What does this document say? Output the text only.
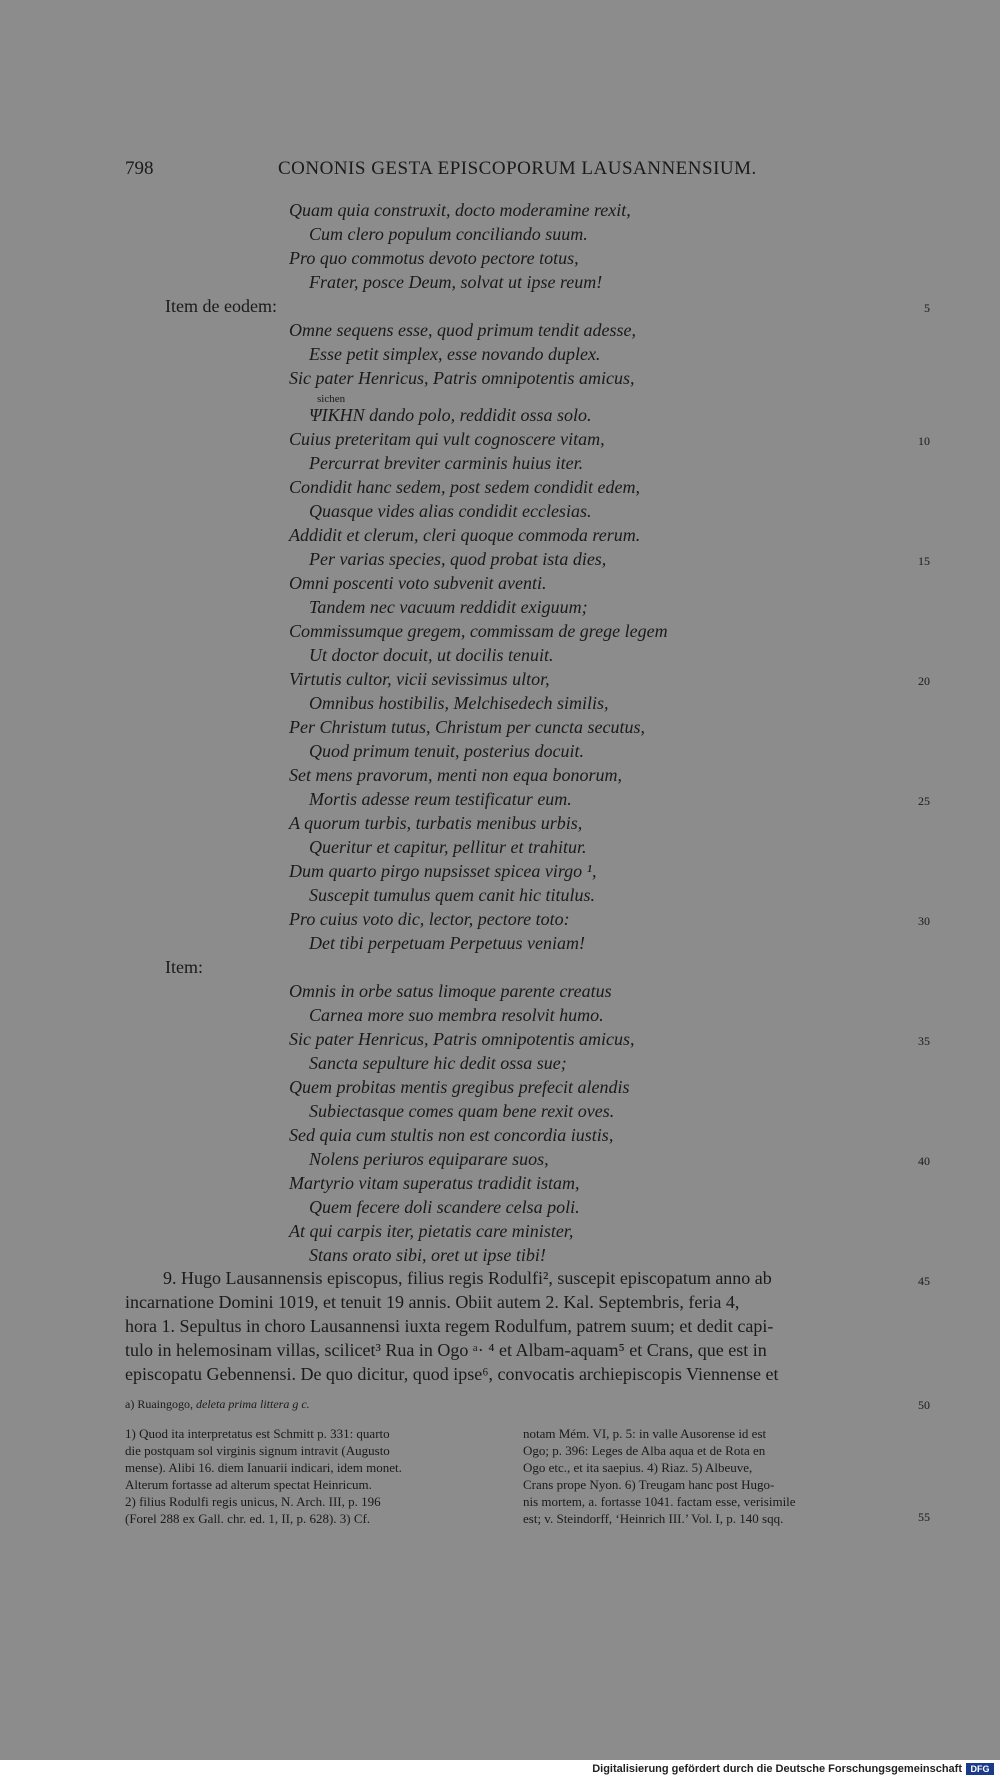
798	CONONIS GESTA EPISCOPORUM LAUSANNENSIUM.
Quam quia construxit, docto moderamine rexit,
Cum clero populum conciliando suum.
Pro quo commotus devoto pectore totus,
Frater, posce Deum, solvat ut ipse reum!
Item de eodem:
Omne sequens esse, quod primum tendit adesse,
Esse petit simplex, esse novando duplex.
Sic pater Henricus, Patris omnipotentis amicus,
sichen
ΨΙΚΗΝ dando polo, reddidit ossa solo.
Cuius preteritam qui vult cognoscere vitam,
Percurrat breviter carminis huius iter.
Condidit hanc sedem, post sedem condidit edem,
Quasque vides alias condidit ecclesias.
Addidit et clerum, cleri quoque commoda rerum.
Per varias species, quod probat ista dies,
Omni poscenti voto subvenit aventi.
Tandem nec vacuum reddidit exiguum;
Commissumque gregem, commissam de grege legem
Ut doctor docuit, ut docilis tenuit.
Virtutis cultor, vicii sevissimus ultor,
Omnibus hostibilis, Melchisedech similis,
Per Christum tutus, Christum per cuncta secutus,
Quod primum tenuit, posterius docuit.
Set mens pravorum, menti non equa bonorum,
Mortis adesse reum testificatur eum.
A quorum turbis, turbatis menibus urbis,
Queritur et capitur, pellitur et trahitur.
Dum quarto pirgo nupsisset spicea virgo ¹,
Suscepit tumulus quem canit hic titulus.
Pro cuius voto dic, lector, pectore toto:
Det tibi perpetuam Perpetuus veniam!
Item:
Omnis in orbe satus limoque parente creatus
Carnea more suo membra resolvit humo.
Sic pater Henricus, Patris omnipotentis amicus,
Sancta sepulture hic dedit ossa sue;
Quem probitas mentis gregibus prefecit alendis
Subiectasque comes quam bene rexit oves.
Sed quia cum stultis non est concordia iustis,
Nolens periuros equiparare suos,
Martyrio vitam superatus tradidit istam,
Quem fecere doli scandere celsa poli.
At qui carpis iter, pietatis care minister,
Stans orato sibi, oret ut ipse tibi!
5
10
15
20
25
30
35
40
45
50
55
9. Hugo Lausannensis episcopus, filius regis Rodulfi², suscepit episcopatum anno ab
incarnatione Domini 1019, et tenuit 19 annis. Obiit autem 2. Kal. Septembris, feria 4,
hora 1. Sepultus in choro Lausannensi iuxta regem Rodulfum, patrem suum; et dedit capi-
tulo in helemosinam villas, scilicet³ Rua in Ogo ᵃ· ⁴ et Albam-aquam⁵ et Crans, que est in
episcopatu Gebennensi. De quo dicitur, quod ipse⁶, convocatis archiepiscopis Viennense et
a) Ruaingogo, deleta prima littera g c.
1) Quod ita interpretatus est Schmitt p. 331: quarto
die postquam sol virginis signum intravit (Augusto
mense). Alibi 16. diem Ianuarii indicari, idem monet.
Alterum fortasse ad alterum spectat Heinricum.
2) filius Rodulfi regis unicus, N. Arch. III, p. 196
(Forel 288 ex Gall. chr. ed. 1, II, p. 628). 3) Cf.
notam Mém. VI, p. 5: in valle Ausorense id est
Ogo; p. 396: Leges de Alba aqua et de Rota en
Ogo etc., et ita saepius. 4) Riaz. 5) Albeuve,
Crans prope Nyon. 6) Treugam hanc post Hugo-
nis mortem, a. fortasse 1041. factam esse, verisimile
est; v. Steindorff, ‘Heinrich III.’ Vol. I, p. 140 sqq.
Digitalisierung gefördert durch die Deutsche Forschungsgemeinschaft DFG
